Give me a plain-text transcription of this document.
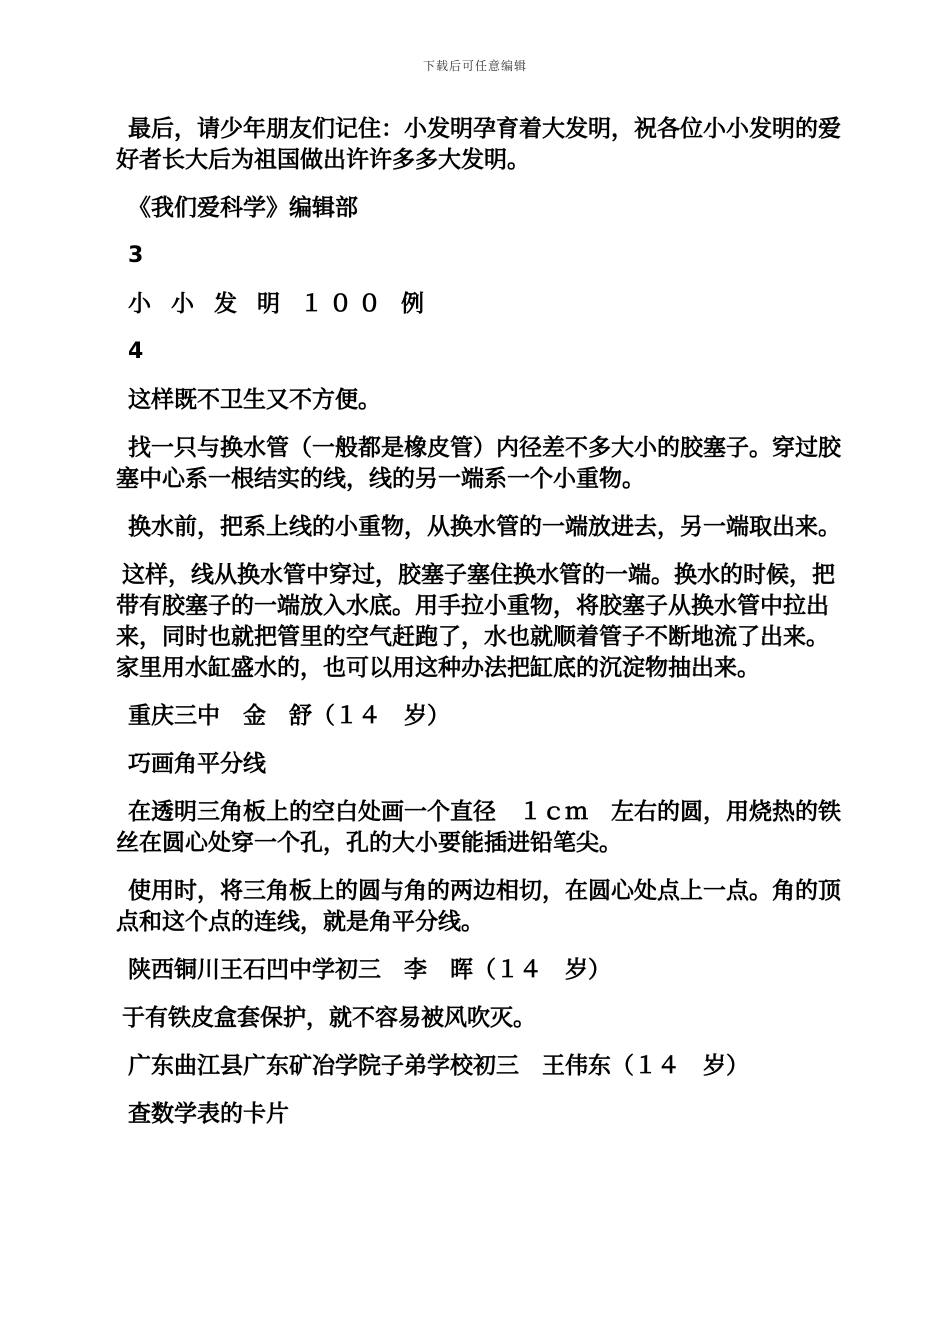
下载后可任意编辑

最后，请少年朋友们记住：小发明孕育着大发明，祝各位小小发明的爱好者长大后为祖国做出许许多多大发明。

《我们爱科学》编辑部

3

小 小 发 明 １００ 例

4

这样既不卫生又不方便。

找一只与换水管（一般都是橡皮管）内径差不多大小的胶塞子。穿过胶塞中心系一根结实的线，线的另一端系一个小重物。

换水前，把系上线的小重物，从换水管的一端放进去，另一端取出来。

这样，线从换水管中穿过，胶塞子塞住换水管的一端。换水的时候，把带有胶塞子的一端放入水底。用手拉小重物，将胶塞子从换水管中拉出来，同时也就把管里的空气赶跑了，水也就顺着管子不断地流了出来。家里用水缸盛水的，也可以用这种办法把缸底的沉淀物抽出来。

重庆三中　金　舒（１４　岁）

巧画角平分线

在透明三角板上的空白处画一个直径　１ｃｍ　左右的圆，用烧热的铁丝在圆心处穿一个孔，孔的大小要能插进铅笔尖。

使用时，将三角板上的圆与角的两边相切，在圆心处点上一点。角的顶点和这个点的连线，就是角平分线。

陕西铜川王石凹中学初三　李　晖（１４　岁）

于有铁皮盒套保护，就不容易被风吹灭。

广东曲江县广东矿冶学院子弟学校初三　王伟东（１４　岁）

查数学表的卡片
